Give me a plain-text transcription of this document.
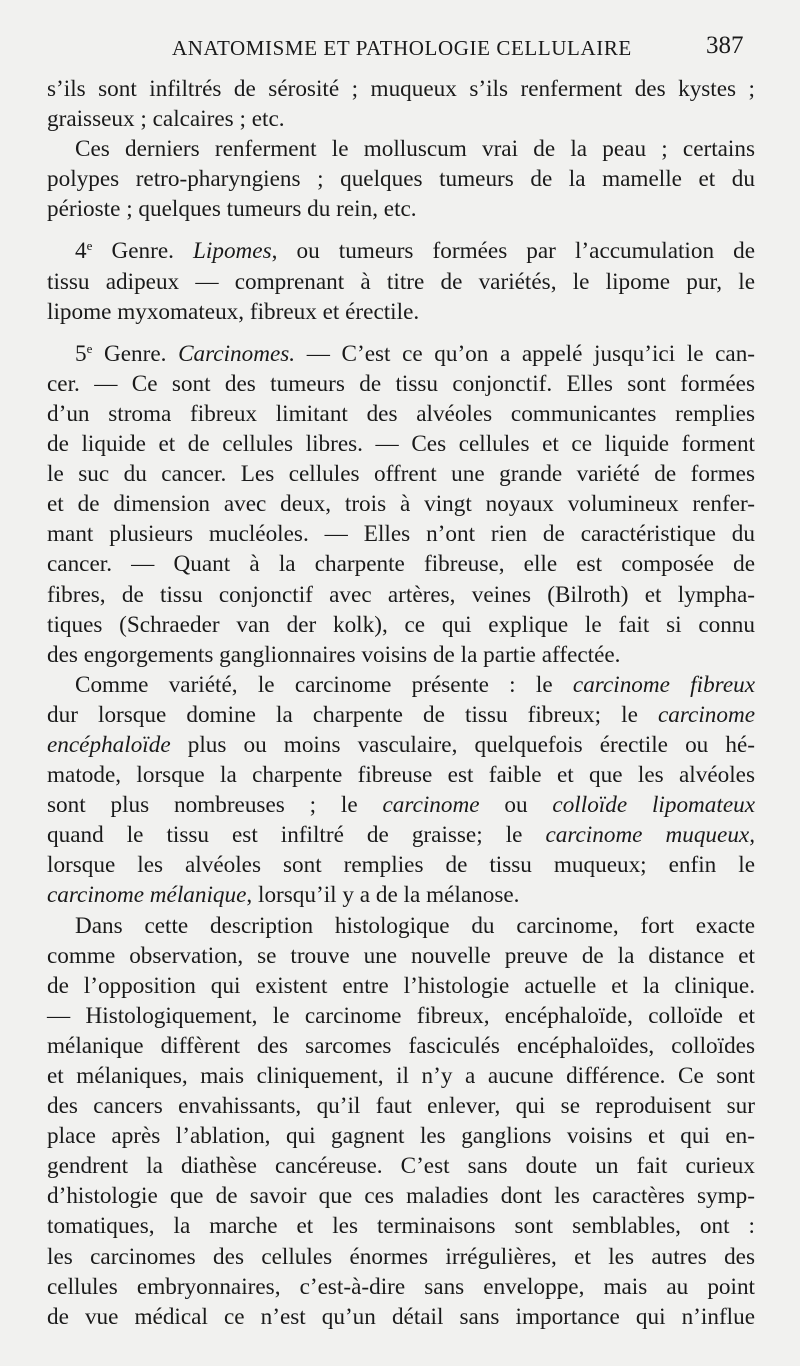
ANATOMISME ET PATHOLOGIE CELLULAIRE	387

s’ils sont infiltrés de sérosité ; muqueux s’ils renferment des kystes ;
graisseux ; calcaires ; etc.

Ces derniers renferment le molluscum vrai de la peau ; certains
polypes retro-pharyngiens ; quelques tumeurs de la mamelle et du
périoste ; quelques tumeurs du rein, etc.

4e Genre. Lipomes, ou tumeurs formées par l’accumulation de
tissu adipeux — comprenant à titre de variétés, le lipome pur, le
lipome myxomateux, fibreux et érectile.

5e Genre. Carcinomes. — C’est ce qu’on a appelé jusqu’ici le can-
cer. — Ce sont des tumeurs de tissu conjonctif. Elles sont formées
d’un stroma fibreux limitant des alvéoles communicantes remplies
de liquide et de cellules libres. — Ces cellules et ce liquide forment
le suc du cancer. Les cellules offrent une grande variété de formes
et de dimension avec deux, trois à vingt noyaux volumineux renfer-
mant plusieurs mucléoles. — Elles n’ont rien de caractéristique du
cancer. — Quant à la charpente fibreuse, elle est composée de
fibres, de tissu conjonctif avec artères, veines (Bilroth) et lympha-
tiques (Schraeder van der kolk), ce qui explique le fait si connu
des engorgements ganglionnaires voisins de la partie affectée.

Comme variété, le carcinome présente : le carcinome fibreux
dur lorsque domine la charpente de tissu fibreux; le carcinome
encéphaloïde plus ou moins vasculaire, quelquefois érectile ou hé-
matode, lorsque la charpente fibreuse est faible et que les alvéoles
sont plus nombreuses ; le carcinome ou colloïde lipomateux
quand le tissu est infiltré de graisse; le carcinome muqueux,
lorsque les alvéoles sont remplies de tissu muqueux; enfin le
carcinome mélanique, lorsqu’il y a de la mélanose.

Dans cette description histologique du carcinome, fort exacte
comme observation, se trouve une nouvelle preuve de la distance et
de l’opposition qui existent entre l’histologie actuelle et la clinique.
— Histologiquement, le carcinome fibreux, encéphaloïde, colloïde et
mélanique diffèrent des sarcomes fasciculés encéphaloïdes, colloïdes
et mélaniques, mais cliniquement, il n’y a aucune différence. Ce sont
des cancers envahissants, qu’il faut enlever, qui se reproduisent sur
place après l’ablation, qui gagnent les ganglions voisins et qui en-
gendrent la diathèse cancéreuse. C’est sans doute un fait curieux
d’histologie que de savoir que ces maladies dont les caractères symp-
tomatiques, la marche et les terminaisons sont semblables, ont :
les carcinomes des cellules énormes irrégulières, et les autres des
cellules embryonnaires, c’est-à-dire sans enveloppe, mais au point
de vue médical ce n’est qu’un détail sans importance qui n’influe
